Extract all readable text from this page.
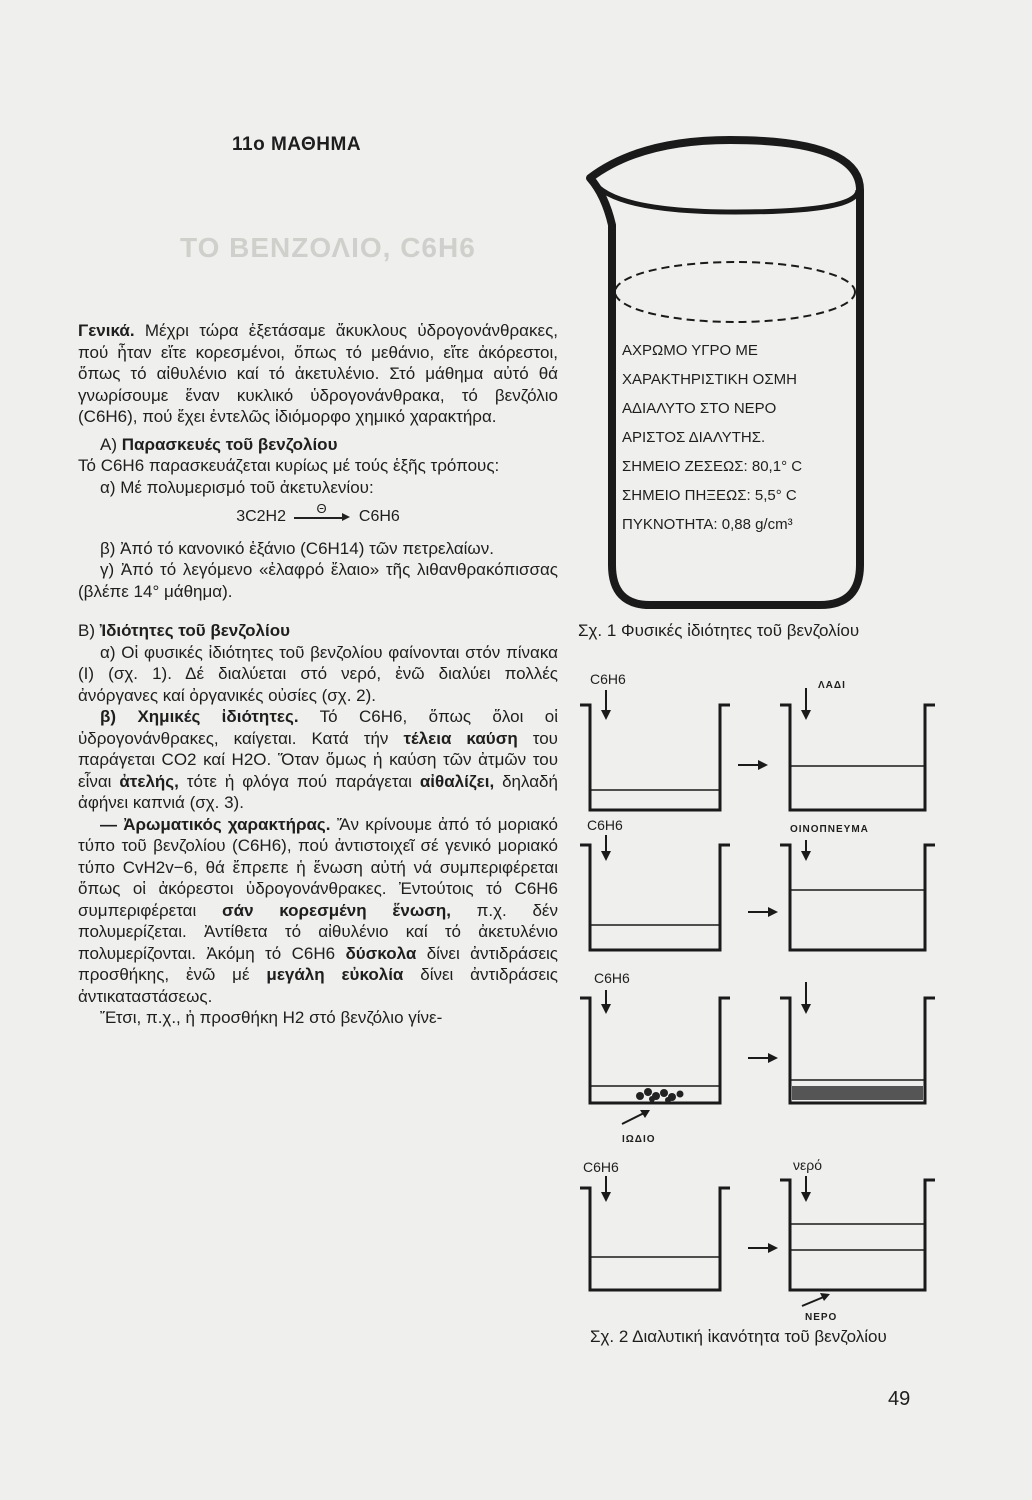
11ο ΜΑΘΗΜΑ
ΤΟ ΒΕΝΖΟΛΙΟ, C6H6

Γενικά. Μέχρι τώρα ἐξετάσαμε ἄκυκλους ὑδρογονάνθρακες, πού ἦταν εἴτε κορεσμένοι, ὅπως τό μεθάνιο, εἴτε ἀκόρεστοι, ὅπως τό αἰθυλένιο καί τό ἀκετυλένιο. Στό μάθημα αὐτό θά γνωρίσουμε ἕναν κυκλικό ὑδρογονάνθρακα, τό βενζόλιο (C6H6), πού ἔχει ἐντελῶς ἰδιόμορφο χημικό χαρακτήρα.

Α) Παρασκευές τοῦ βενζολίου

Τό C6H6 παρασκευάζεται κυρίως μέ τούς ἑξῆς τρόπους:

α) Μέ πολυμερισμό τοῦ ἀκετυλενίου:

3C2H2 Θ C6H6

β) Ἀπό τό κανονικό ἑξάνιο (C6H14) τῶν πετρελαίων.

γ) Ἀπό τό λεγόμενο «ἐλαφρό ἔλαιο» τῆς λιθανθρακόπισσας (βλέπε 14° μάθημα).

Β) Ἰδιότητες τοῦ βενζολίου

α) Οἱ φυσικές ἰδιότητες τοῦ βενζολίου φαίνονται στόν πίνακα (Ι) (σχ. 1). Δέ διαλύεται στό νερό, ἐνῶ διαλύει πολλές ἀνόργανες καί ὀργανικές οὐσίες (σχ. 2).

β) Χημικές ἰδιότητες. Τό C6H6, ὅπως ὅλοι οἱ ὑδρογονάνθρακες, καίγεται. Κατά τήν τέλεια καύση του παράγεται CO2 καί H2O. Ὅταν ὅμως ἡ καύση τῶν ἀτμῶν του εἶναι ἀτελής, τότε ἡ φλόγα πού παράγεται αἰθαλίζει, δηλαδή ἀφήνει καπνιά (σχ. 3).

— Ἀρωματικός χαρακτήρας. Ἄν κρίνουμε ἀπό τό μοριακό τύπο τοῦ βενζολίου (C6H6), πού ἀντιστοιχεῖ σέ γενικό μοριακό τύπο CvH2v−6, θά ἔπρεπε ἡ ἕνωση αὐτή νά συμπεριφέρεται ὅπως οἱ ἀκόρεστοι ὑδρογονάνθρακες. Ἐντούτοις τό C6H6 συμπεριφέρεται σάν κορεσμένη ἕνωση, π.χ. δέν πολυμερίζεται. Ἀντίθετα τό αἰθυλένιο καί τό ἀκετυλένιο πολυμερίζονται. Ἀκόμη τό C6H6 δύσκολα δίνει ἀντιδράσεις προσθήκης, ἐνῶ μέ μεγάλη εὐκολία δίνει ἀντιδράσεις ἀντικαταστάσεως.

Ἔτσι, π.χ., ἡ προσθήκη H2 στό βενζόλιο γίνε-

ΑΧΡΩΜΟ ΥΓΡΟ ΜΕ
ΧΑΡΑΚΤΗΡΙΣΤΙΚΗ ΟΣΜΗ
ΑΔΙΑΛΥΤΟ ΣΤΟ ΝΕΡΟ
ΑΡΙΣΤΟΣ ΔΙΑΛΥΤΗΣ.
ΣΗΜΕΙΟ ΖΕΣΕΩΣ: 80,1° C
ΣΗΜΕΙΟ ΠΗΞΕΩΣ: 5,5° C
ΠΥΚΝΟΤΗΤΑ: 0,88 g/cm³
C6H6	ΛΑΔΙ
C6H6	ΟΙΝΟΠΝΕΥΜΑ
C6H6
ΙΩΔΙΟ
C6H6	νερό
ΝΕΡΟ
Σχ. 1 Φυσικές ἰδιότητες τοῦ βενζολίου
Σχ. 2 Διαλυτική ἱκανότητα τοῦ βενζολίου
49
